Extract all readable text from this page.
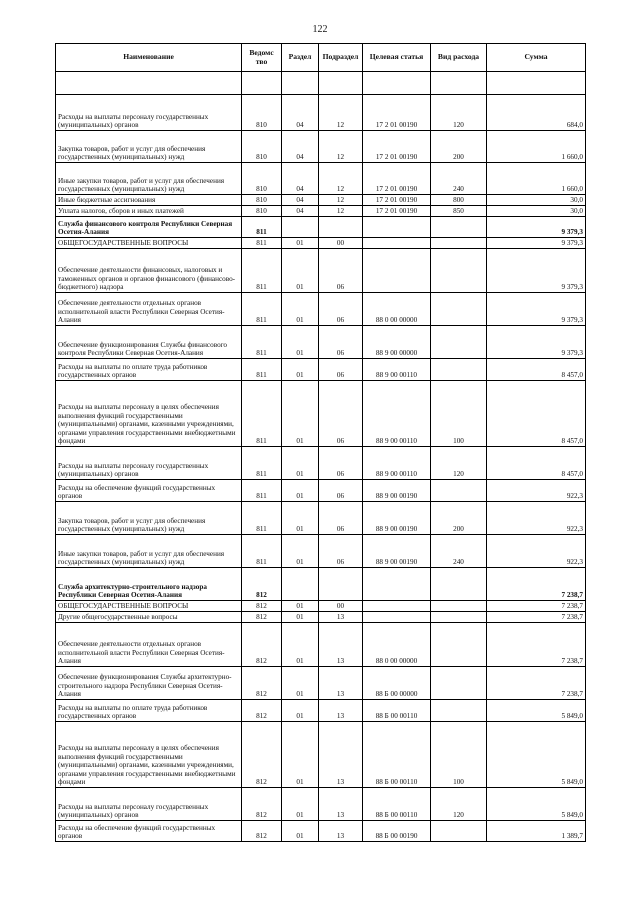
122
Наименование	Ведомс тво	Раздел	Подраздел	Целевая статья	Вид расхода	Сумма

Расходы на выплаты персоналу государственных (муниципальных) органов	810	04	12	17 2 01 00190	120	684,0
Закупка товаров, работ и услуг для обеспечения государственных (муниципальных) нужд	810	04	12	17 2 01 00190	200	1 660,0
Иные закупки товаров, работ и услуг для обеспечения государственных (муниципальных) нужд	810	04	12	17 2 01 00190	240	1 660,0
Иные бюджетные ассигнования	810	04	12	17 2 01 00190	800	30,0
Уплата налогов, сборов и иных платежей	810	04	12	17 2 01 00190	850	30,0
Служба финансового контроля Республики Северная Осетия-Алания	811					9 379,3
ОБЩЕГОСУДАРСТВЕННЫЕ ВОПРОСЫ	811	01	00			9 379,3
Обеспечение деятельности финансовых, налоговых и таможенных органов и органов финансового (финансово-бюджетного) надзора	811	01	06			9 379,3
Обеспечение деятельности отдельных органов исполнительной власти Республики Северная Осетия-Алания	811	01	06	88 0 00 00000		9 379,3
Обеспечение функционирования Службы финансового контроля Республики Северная Осетия-Алания	811	01	06	88 9 00 00000		9 379,3
Расходы на выплаты по оплате труда работников государственных органов	811	01	06	88 9 00 00110		8 457,0
Расходы на выплаты персоналу в целях обеспечения выполнения функций государственными (муниципальными) органами, казенными учреждениями, органами управления государственными внебюджетными фондами	811	01	06	88 9 00 00110	100	8 457,0
Расходы на выплаты персоналу государственных (муниципальных) органов	811	01	06	88 9 00 00110	120	8 457,0
Расходы на обеспечение функций государственных органов	811	01	06	88 9 00 00190		922,3
Закупка товаров, работ и услуг для обеспечения государственных (муниципальных) нужд	811	01	06	88 9 00 00190	200	922,3
Иные закупки товаров, работ и услуг для обеспечения государственных (муниципальных) нужд	811	01	06	88 9 00 00190	240	922,3
Служба архитектурно-строительного надзора Республики Северная Осетия-Алания	812					7 238,7
ОБЩЕГОСУДАРСТВЕННЫЕ ВОПРОСЫ	812	01	00			7 238,7
Другие общегосударственные вопросы	812	01	13			7 238,7
Обеспечение деятельности отдельных органов исполнительной власти Республики Северная Осетия-Алания	812	01	13	88 0 00 00000		7 238,7
Обеспечение функционирования Службы архитектурно-строительного надзора Республики Северная Осетия-Алания	812	01	13	88 Б 00 00000		7 238,7
Расходы на выплаты по оплате труда работников государственных органов	812	01	13	88 Б 00 00110		5 849,0
Расходы на выплаты персоналу в целях обеспечения выполнения функций государственными (муниципальными) органами, казенными учреждениями, органами управления государственными внебюджетными фондами	812	01	13	88 Б 00 00110	100	5 849,0
Расходы на выплаты персоналу государственных (муниципальных) органов	812	01	13	88 Б 00 00110	120	5 849,0
Расходы на обеспечение функций государственных органов	812	01	13	88 Б 00 00190		1 389,7
